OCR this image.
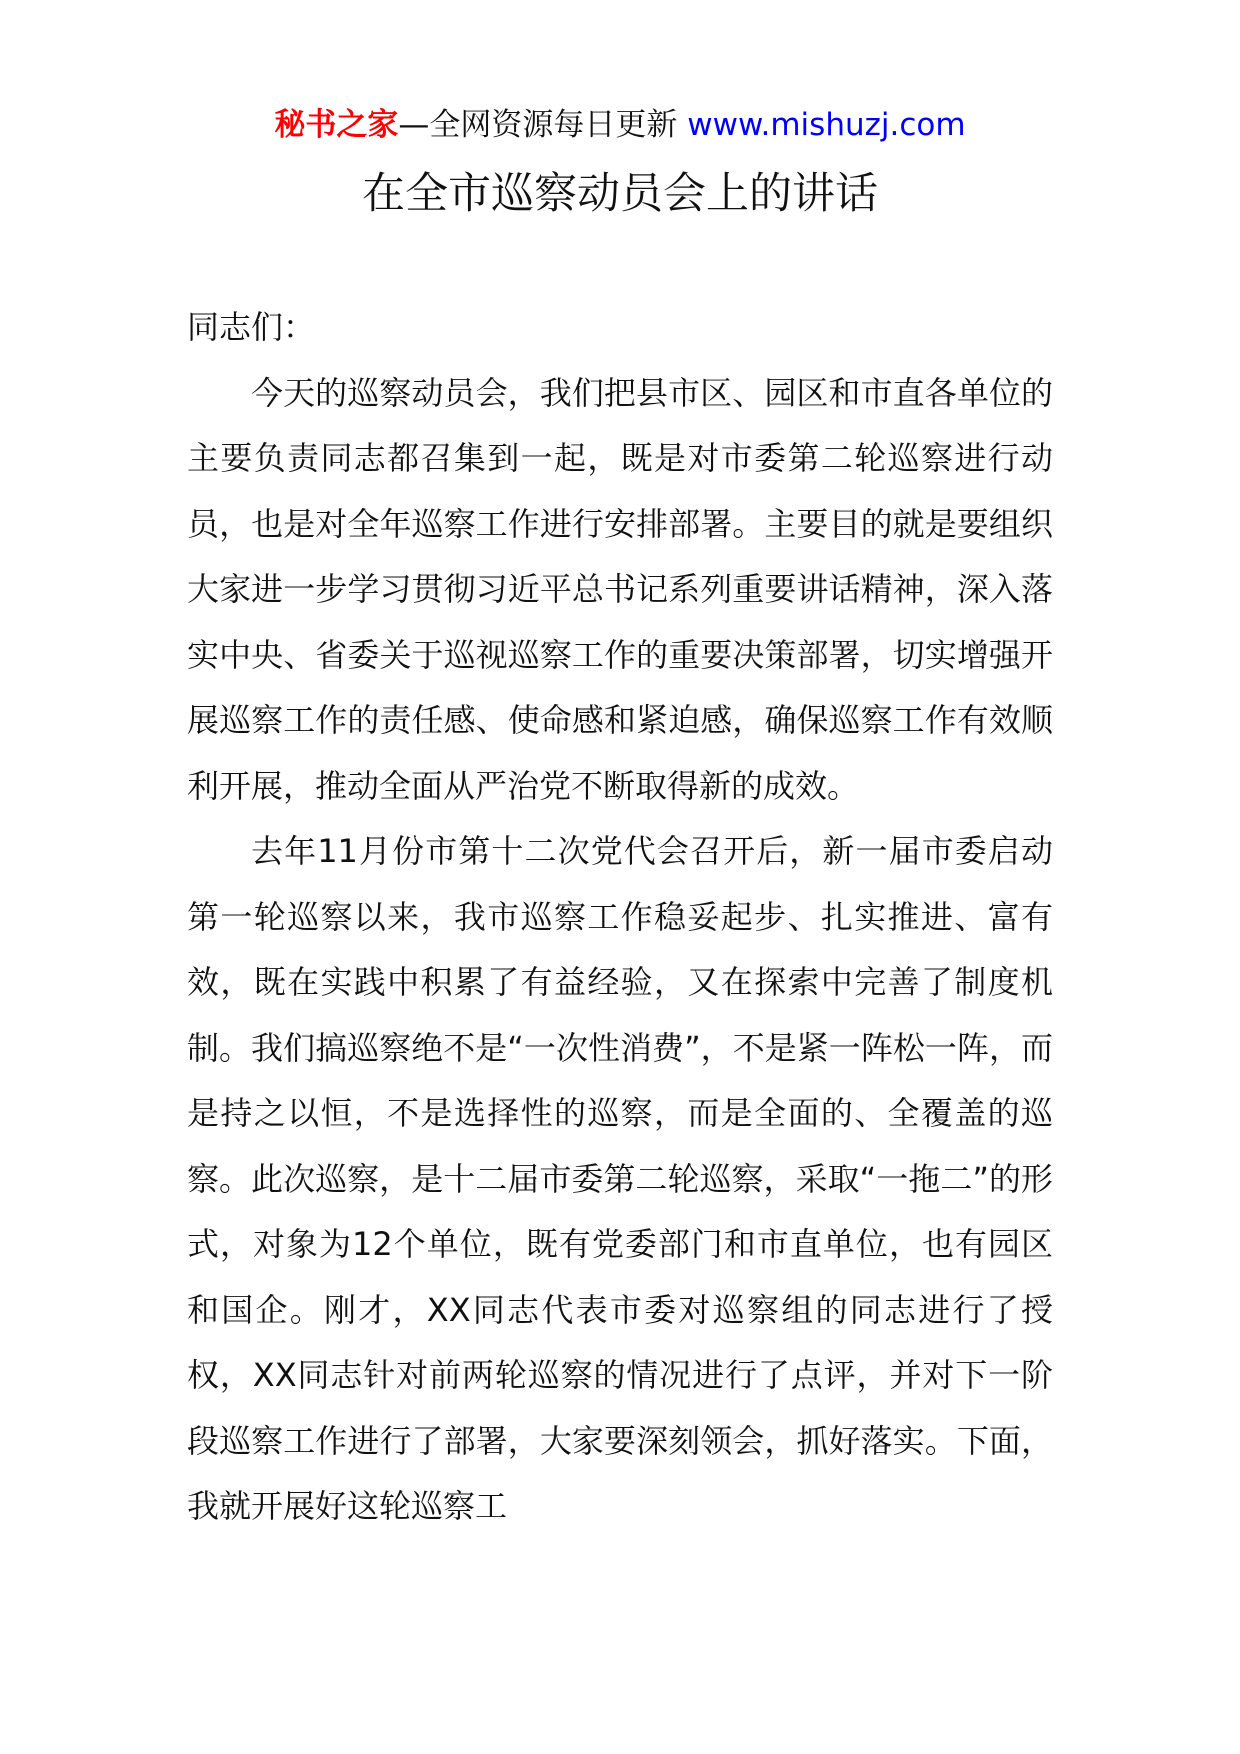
秘书之家—全网资源每日更新 www.mishuzj.com
在全市巡察动员会上的讲话

同志们：

今天的巡察动员会，我们把县市区、园区和市直各单位的主要负责同志都召集到一起，既是对市委第二轮巡察进行动员，也是对全年巡察工作进行安排部署。主要目的就是要组织大家进一步学习贯彻习近平总书记系列重要讲话精神，深入落实中央、省委关于巡视巡察工作的重要决策部署，切实增强开展巡察工作的责任感、使命感和紧迫感，确保巡察工作有效顺利开展，推动全面从严治党不断取得新的成效。

去年11月份市第十二次党代会召开后，新一届市委启动第一轮巡察以来，我市巡察工作稳妥起步、扎实推进、富有效，既在实践中积累了有益经验，又在探索中完善了制度机制。我们搞巡察绝不是“一次性消费”，不是紧一阵松一阵，而是持之以恒，不是选择性的巡察，而是全面的、全覆盖的巡察。此次巡察，是十二届市委第二轮巡察，采取“一拖二”的形式，对象为12个单位，既有党委部门和市直单位，也有园区和国企。刚才，XX同志代表市委对巡察组的同志进行了授权，XX同志针对前两轮巡察的情况进行了点评，并对下一阶段巡察工作进行了部署，大家要深刻领会，抓好落实。下面，我就开展好这轮巡察工
